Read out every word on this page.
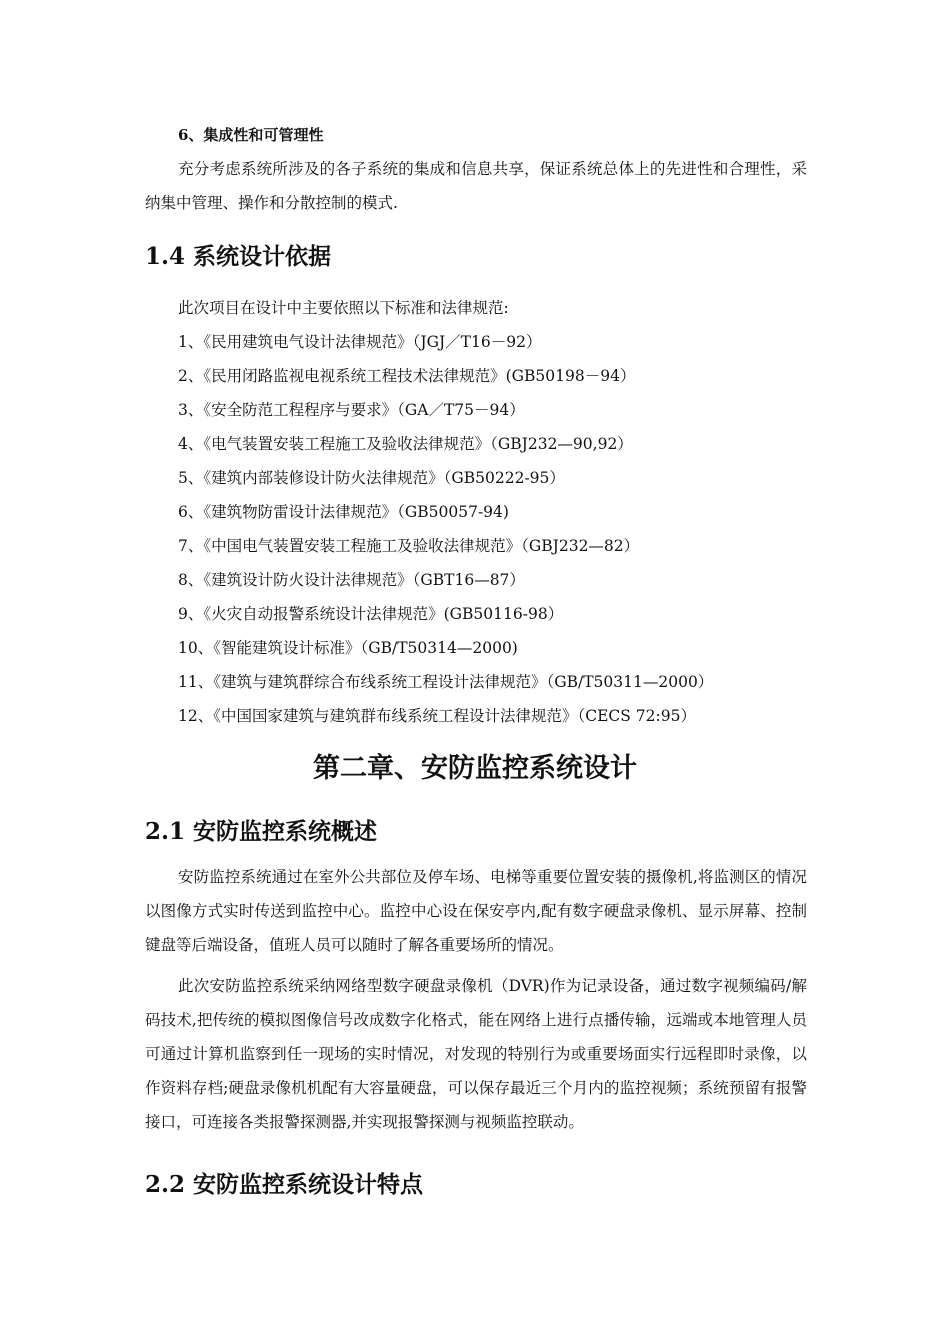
6、集成性和可管理性

充分考虑系统所涉及的各子系统的集成和信息共享，保证系统总体上的先进性和合理性，采纳集中管理、操作和分散控制的模式.

1.4 系统设计依据
此次项目在设计中主要依照以下标准和法律规范:
1、《民用建筑电气设计法律规范》（JGJ／T16－92）
2、《民用闭路监视电视系统工程技术法律规范》(GB50198－94）
3、《安全防范工程程序与要求》（GA／T75－94）
4、《电气装置安装工程施工及验收法律规范》（GBJ232—90,92）
5、《建筑内部装修设计防火法律规范》（GB50222-95）
6、《建筑物防雷设计法律规范》（GB50057-94)
7、《中国电气装置安装工程施工及验收法律规范》（GBJ232—82）
8、《建筑设计防火设计法律规范》（GBT16—87）
9、《火灾自动报警系统设计法律规范》(GB50116-98）
10、《智能建筑设计标准》（GB/T50314—2000)
11、《建筑与建筑群综合布线系统工程设计法律规范》（GB/T50311—2000）
12、《中国国家建筑与建筑群布线系统工程设计法律规范》（CECS 72:95）
第二章、安防监控系统设计
2.1 安防监控系统概述

安防监控系统通过在室外公共部位及停车场、电梯等重要位置安装的摄像机,将监测区的情况以图像方式实时传送到监控中心。监控中心设在保安亭内,配有数字硬盘录像机、显示屏幕、控制键盘等后端设备，值班人员可以随时了解各重要场所的情况。

此次安防监控系统采纳网络型数字硬盘录像机（DVR)作为记录设备，通过数字视频编码/解码技术,把传统的模拟图像信号改成数字化格式，能在网络上进行点播传输，远端或本地管理人员可通过计算机监察到任一现场的实时情况，对发现的特别行为或重要场面实行远程即时录像，以作资料存档;硬盘录像机机配有大容量硬盘，可以保存最近三个月内的监控视频；系统预留有报警接口，可连接各类报警探测器,并实现报警探测与视频监控联动。

2.2 安防监控系统设计特点
